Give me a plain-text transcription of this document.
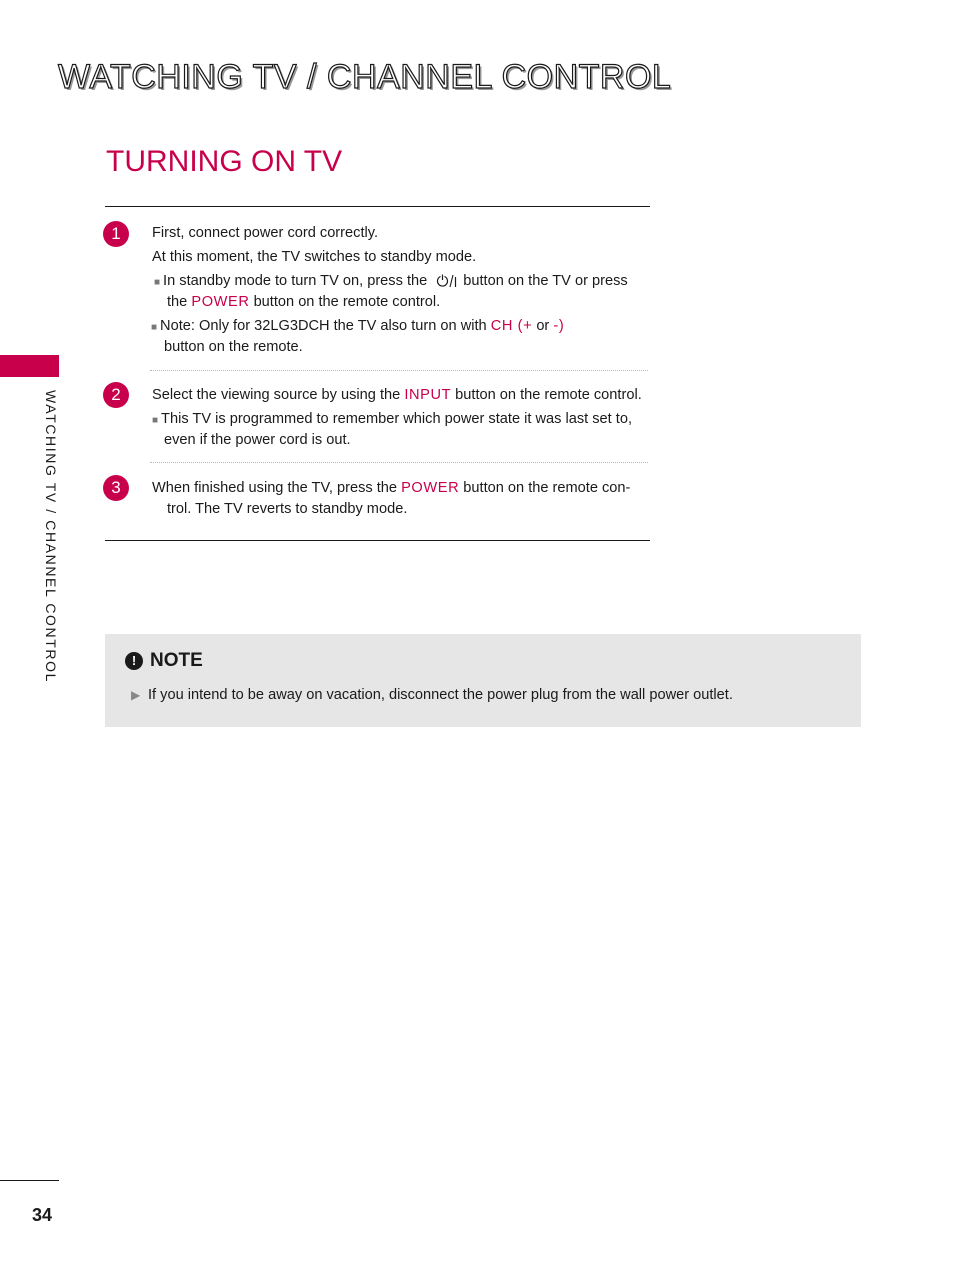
WATCHING TV / CHANNEL CONTROL
TURNING ON TV
WATCHING TV / CHANNEL CONTROL
1	First, connect power cord correctly.
At this moment, the TV switches to standby mode.
■ In standby mode to turn TV on, press the button on the TV or press
the POWER button on the remote control.
■ Note: Only for 32LG3DCH the TV also turn on with CH (+ or -)
button on the remote.
2	Select the viewing source by using the INPUT button on the remote control.
■ This TV is programmed to remember which power state it was last set to,
even if the power cord is out.
3	When finished using the TV, press the POWER button on the remote con-
trol. The TV reverts to standby mode.
! NOTE
▶ If you intend to be away on vacation, disconnect the power plug from the wall power outlet.
34
